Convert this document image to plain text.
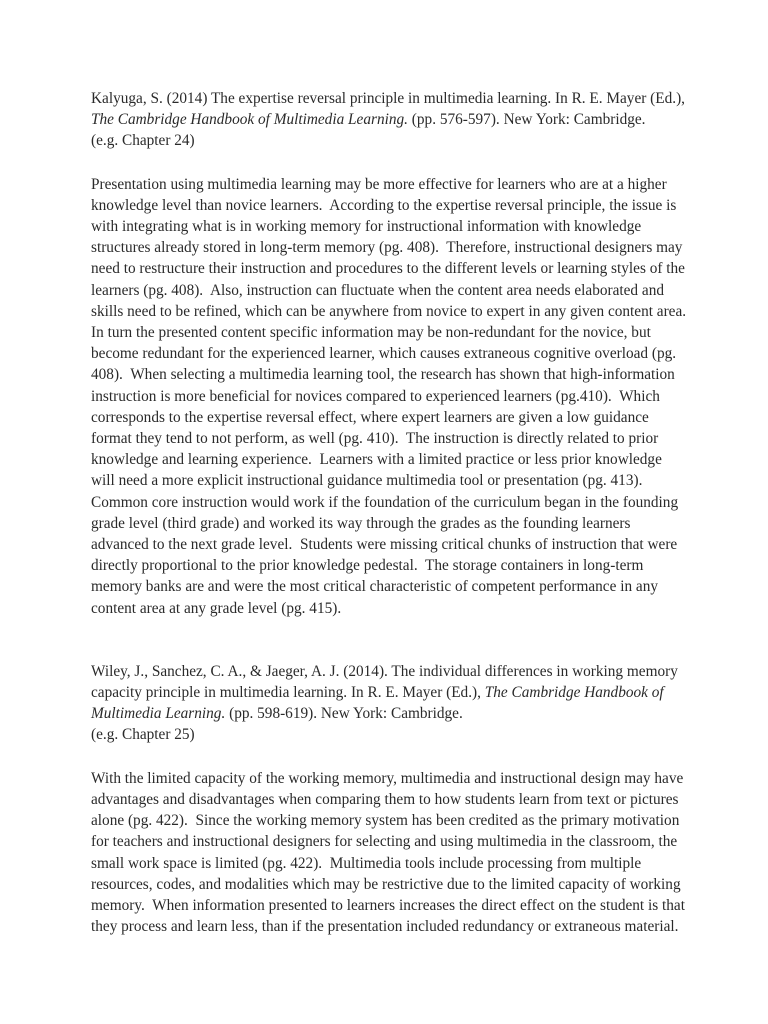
Kalyuga, S. (2014) The expertise reversal principle in multimedia learning. In R. E. Mayer (Ed.),
The Cambridge Handbook of Multimedia Learning. (pp. 576-597). New York: Cambridge.
(e.g. Chapter 24)
Presentation using multimedia learning may be more effective for learners who are at a higher
knowledge level than novice learners.  According to the expertise reversal principle, the issue is
with integrating what is in working memory for instructional information with knowledge
structures already stored in long-term memory (pg. 408).  Therefore, instructional designers may
need to restructure their instruction and procedures to the different levels or learning styles of the
learners (pg. 408).  Also, instruction can fluctuate when the content area needs elaborated and
skills need to be refined, which can be anywhere from novice to expert in any given content area.
In turn the presented content specific information may be non-redundant for the novice, but
become redundant for the experienced learner, which causes extraneous cognitive overload (pg.
408).  When selecting a multimedia learning tool, the research has shown that high-information
instruction is more beneficial for novices compared to experienced learners (pg.410).  Which
corresponds to the expertise reversal effect, where expert learners are given a low guidance
format they tend to not perform, as well (pg. 410).  The instruction is directly related to prior
knowledge and learning experience.  Learners with a limited practice or less prior knowledge
will need a more explicit instructional guidance multimedia tool or presentation (pg. 413).
Common core instruction would work if the foundation of the curriculum began in the founding
grade level (third grade) and worked its way through the grades as the founding learners
advanced to the next grade level.  Students were missing critical chunks of instruction that were
directly proportional to the prior knowledge pedestal.  The storage containers in long-term
memory banks are and were the most critical characteristic of competent performance in any
content area at any grade level (pg. 415).
Wiley, J., Sanchez, C. A., & Jaeger, A. J. (2014). The individual differences in working memory
capacity principle in multimedia learning. In R. E. Mayer (Ed.), The Cambridge Handbook of
Multimedia Learning. (pp. 598-619). New York: Cambridge.
(e.g. Chapter 25)
With the limited capacity of the working memory, multimedia and instructional design may have
advantages and disadvantages when comparing them to how students learn from text or pictures
alone (pg. 422).  Since the working memory system has been credited as the primary motivation
for teachers and instructional designers for selecting and using multimedia in the classroom, the
small work space is limited (pg. 422).  Multimedia tools include processing from multiple
resources, codes, and modalities which may be restrictive due to the limited capacity of working
memory.  When information presented to learners increases the direct effect on the student is that
they process and learn less, than if the presentation included redundancy or extraneous material.
